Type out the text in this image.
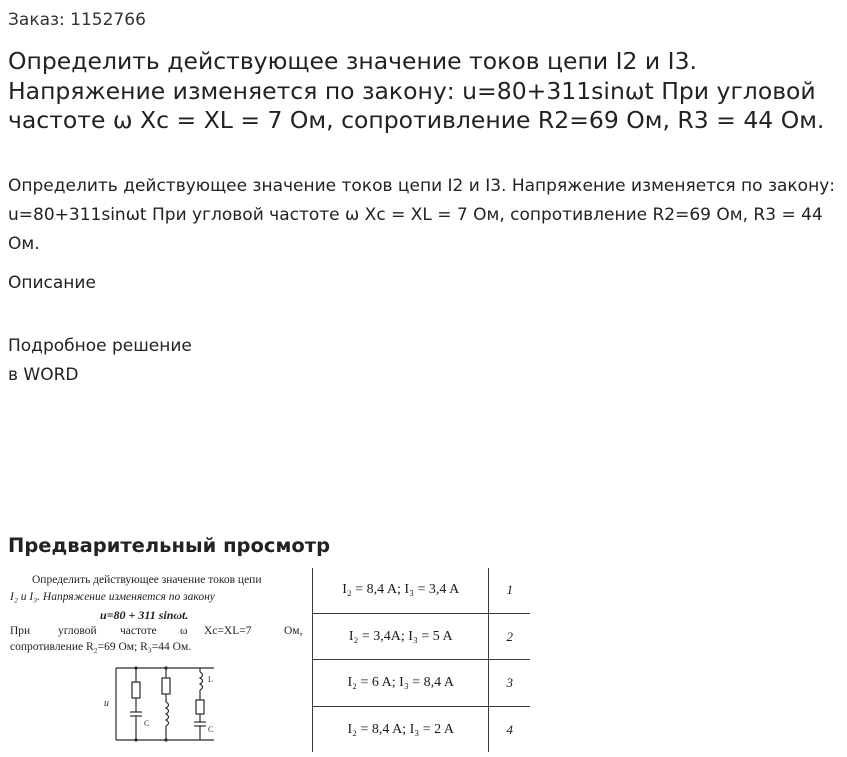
Заказ: 1152766
Определить действующее значение токов цепи I2 и I3. Напряжение изменяется по закону: u=80+311sinωt При угловой частоте ω Xc = XL = 7 Ом, сопротивление R2=69 Ом, R3 = 44 Ом.

Определить действующее значение токов цепи I2 и I3. Напряжение изменяется по закону: u=80+311sinωt При угловой частоте ω Xc = XL = 7 Ом, сопротивление R2=69 Ом, R3 = 44 Ом.

Описание
Подробное решение
в WORD
Предварительный просмотр
Определить действующее значение токов цепи
I₂ и I₃. Напряжение изменяется по закону
u=80 + 311 sinωt.
При угловой частоте ω Xc=XL=7	Ом,
сопротивление R₂=69 Ом; R₃=44 Ом.
u
C
L
C
I₂ = 8,4 A; I₃ = 3,4 A	1
I₂ = 3,4A; I₃ = 5 A	2
I₂ = 6 A; I₃ = 8,4 A	3
I₂ = 8,4 A; I₃ = 2 A	4
